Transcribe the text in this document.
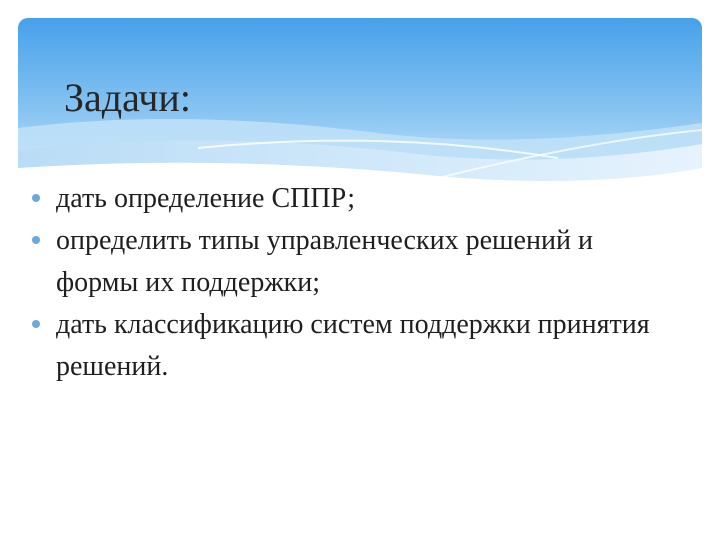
Задачи:
дать определение СППР;
определить типы управленческих решений и формы их поддержки;
дать классификацию систем поддержки принятия решений.
